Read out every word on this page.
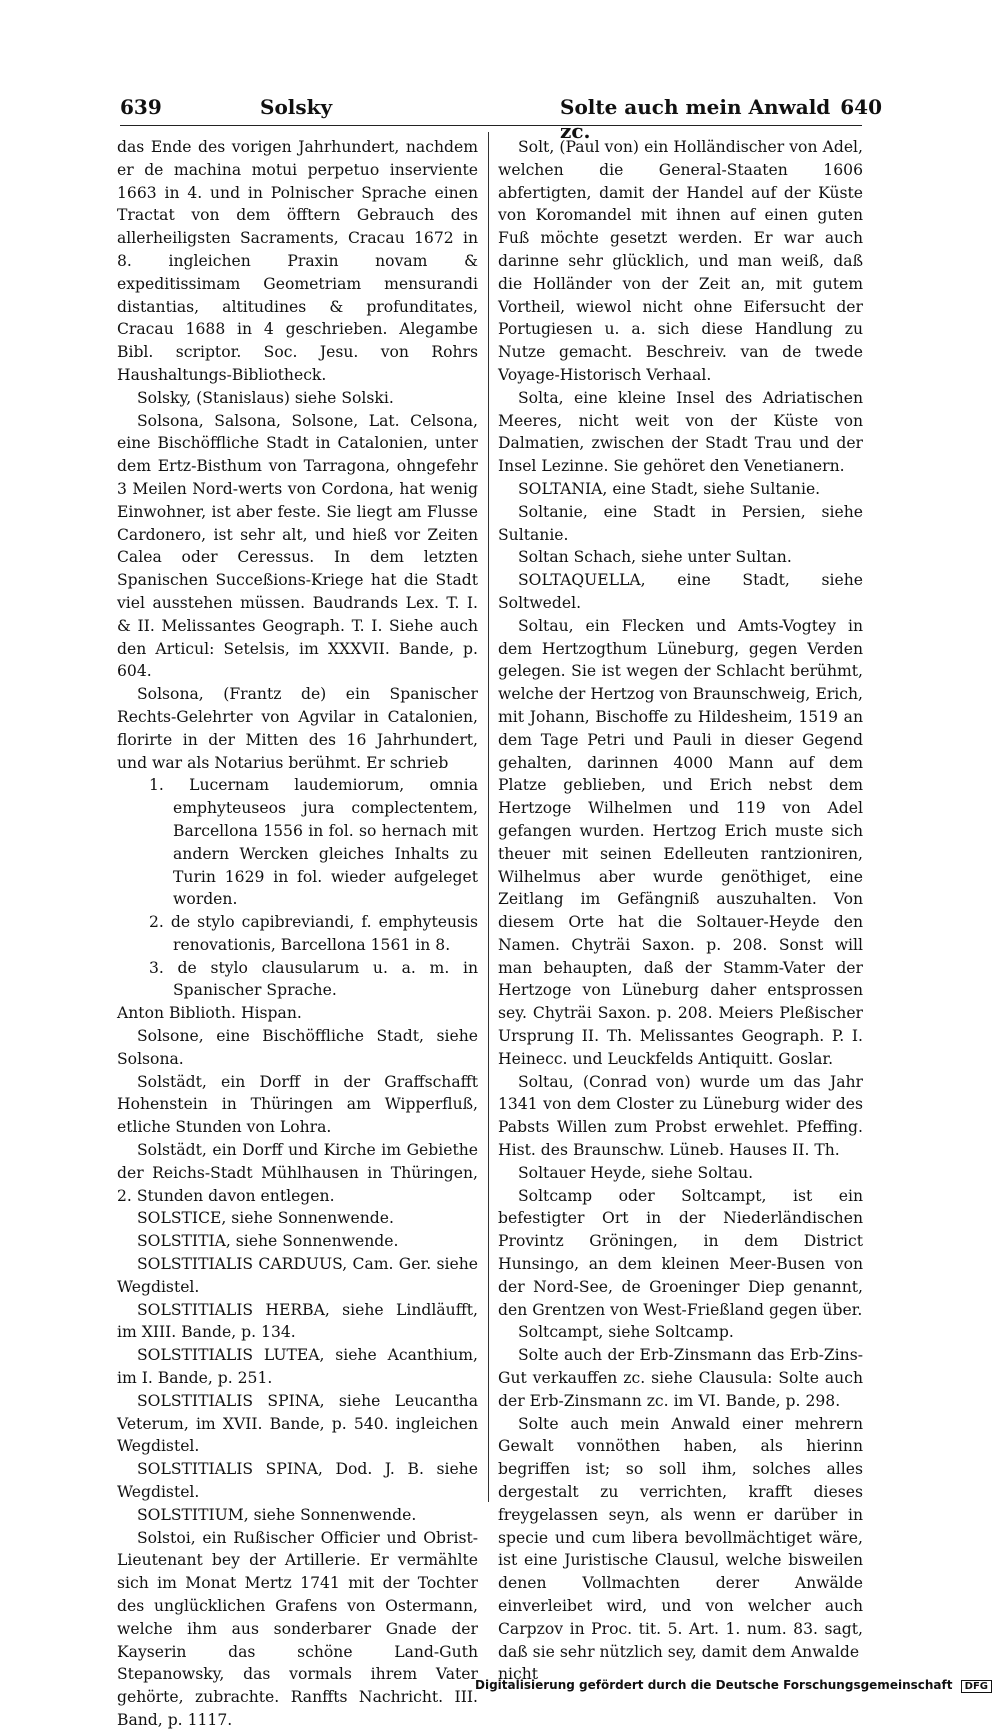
639	Solsky	Solte auch mein Anwald zc.
640

das Ende des vorigen Jahrhundert, nachdem er de machina motui perpetuo inserviente 1663 in 4. und in Polnischer Sprache einen Tractat von dem öfftern Gebrauch des allerheiligsten Sacraments, Cracau 1672 in 8. ingleichen Praxin novam & expeditissimam Geometriam mensurandi distantias, altitudines & profunditates, Cracau 1688 in 4 geschrieben. Alegambe Bibl. scriptor. Soc. Jesu. von Rohrs Haushaltungs-Bibliotheck.

Solsky, (Stanislaus) siehe Solski.

Solsona, Salsona, Solsone, Lat. Celsona, eine Bischöffliche Stadt in Catalonien, unter dem Ertz-Bisthum von Tarragona, ohngefehr 3 Meilen Nord-werts von Cordona, hat wenig Einwohner, ist aber feste. Sie liegt am Flusse Cardonero, ist sehr alt, und hieß vor Zeiten Calea oder Ceressus. In dem letzten Spanischen Succeßions-Kriege hat die Stadt viel ausstehen müssen. Baudrands Lex. T. I. & II. Melissantes Geograph. T. I. Siehe auch den Articul: Setelsis, im XXXVII. Bande, p. 604.

Solsona, (Frantz de) ein Spanischer Rechts-Gelehrter von Agvilar in Catalonien, florirte in der Mitten des 16 Jahrhundert, und war als Notarius berühmt. Er schrieb

1. Lucernam laudemiorum, omnia emphyteuseos jura complectentem, Barcellona 1556 in fol. so hernach mit andern Wercken gleiches Inhalts zu Turin 1629 in fol. wieder aufgeleget worden.

2. de stylo capibreviandi, f. emphyteusis renovationis, Barcellona 1561 in 8.

3. de stylo clausularum u. a. m. in Spanischer Sprache.

Anton Biblioth. Hispan.

Solsone, eine Bischöffliche Stadt, siehe Solsona.

Solstädt, ein Dorff in der Graffschafft Hohenstein in Thüringen am Wipperfluß, etliche Stunden von Lohra.

Solstädt, ein Dorff und Kirche im Gebiethe der Reichs-Stadt Mühlhausen in Thüringen, 2. Stunden davon entlegen.

SOLSTICE, siehe Sonnenwende.

SOLSTITIA, siehe Sonnenwende.

SOLSTITIALIS CARDUUS, Cam. Ger. siehe Wegdistel.

SOLSTITIALIS HERBA, siehe Lindläufft, im XIII. Bande, p. 134.

SOLSTITIALIS LUTEA, siehe Acanthium, im I. Bande, p. 251.

SOLSTITIALIS SPINA, siehe Leucantha Veterum, im XVII. Bande, p. 540. ingleichen Wegdistel.

SOLSTITIALIS SPINA, Dod. J. B. siehe Wegdistel.

SOLSTITIUM, siehe Sonnenwende.

Solstoi, ein Rußischer Officier und Obrist-Lieutenant bey der Artillerie. Er vermählte sich im Monat Mertz 1741 mit der Tochter des unglücklichen Grafens von Ostermann, welche ihm aus sonderbarer Gnade der Kayserin das schöne Land-Guth Stepanowsky, das vormals ihrem Vater gehörte, zubrachte. Ranffts Nachricht. III. Band, p. 1117.

Solt, (Paul von) ein Holländischer von Adel, welchen die General-Staaten 1606 abfertigten, damit der Handel auf der Küste von Koromandel mit ihnen auf einen guten Fuß möchte gesetzt werden. Er war auch darinne sehr glücklich, und man weiß, daß die Holländer von der Zeit an, mit gutem Vortheil, wiewol nicht ohne Eifersucht der Portugiesen u. a. sich diese Handlung zu Nutze gemacht. Beschreiv. van de twede Voyage-Historisch Verhaal.

Solta, eine kleine Insel des Adriatischen Meeres, nicht weit von der Küste von Dalmatien, zwischen der Stadt Trau und der Insel Lezinne. Sie gehöret den Venetianern.

SOLTANIA, eine Stadt, siehe Sultanie.

Soltanie, eine Stadt in Persien, siehe Sultanie.

Soltan Schach, siehe unter Sultan.

SOLTAQUELLA, eine Stadt, siehe Soltwedel.

Soltau, ein Flecken und Amts-Vogtey in dem Hertzogthum Lüneburg, gegen Verden gelegen. Sie ist wegen der Schlacht berühmt, welche der Hertzog von Braunschweig, Erich, mit Johann, Bischoffe zu Hildesheim, 1519 an dem Tage Petri und Pauli in dieser Gegend gehalten, darinnen 4000 Mann auf dem Platze geblieben, und Erich nebst dem Hertzoge Wilhelmen und 119 von Adel gefangen wurden. Hertzog Erich muste sich theuer mit seinen Edelleuten rantzioniren, Wilhelmus aber wurde genöthiget, eine Zeitlang im Gefängniß auszuhalten. Von diesem Orte hat die Soltauer-Heyde den Namen. Chyträi Saxon. p. 208. Sonst will man behaupten, daß der Stamm-Vater der Hertzoge von Lüneburg daher entsprossen sey. Chyträi Saxon. p. 208. Meiers Pleßischer Ursprung II. Th. Melissantes Geograph. P. I. Heinecc. und Leuckfelds Antiquitt. Goslar.

Soltau, (Conrad von) wurde um das Jahr 1341 von dem Closter zu Lüneburg wider des Pabsts Willen zum Probst erwehlet. Pfeffing. Hist. des Braunschw. Lüneb. Hauses II. Th.

Soltauer Heyde, siehe Soltau.

Soltcamp oder Soltcampt, ist ein befestigter Ort in der Niederländischen Provintz Gröningen, in dem District Hunsingo, an dem kleinen Meer-Busen von der Nord-See, de Groeninger Diep genannt, den Grentzen von West-Frießland gegen über.

Soltcampt, siehe Soltcamp.

Solte auch der Erb-Zinsmann das Erb-Zins-Gut verkauffen zc. siehe Clausula: Solte auch der Erb-Zinsmann zc. im VI. Bande, p. 298.

Solte auch mein Anwald einer mehrern Gewalt vonnöthen haben, als hierinn begriffen ist; so soll ihm, solches alles dergestalt zu verrichten, krafft dieses freygelassen seyn, als wenn er darüber in specie und cum libera bevollmächtiget wäre, ist eine Juristische Clausul, welche bisweilen denen Vollmachten derer Anwälde einverleibet wird, und von welcher auch Carpzov in Proc. tit. 5. Art. 1. num. 83. sagt, daß sie sehr nützlich sey, damit dem Anwalde

nicht

Digitalisierung gefördert durch die Deutsche Forschungsgemeinschaft DFG
